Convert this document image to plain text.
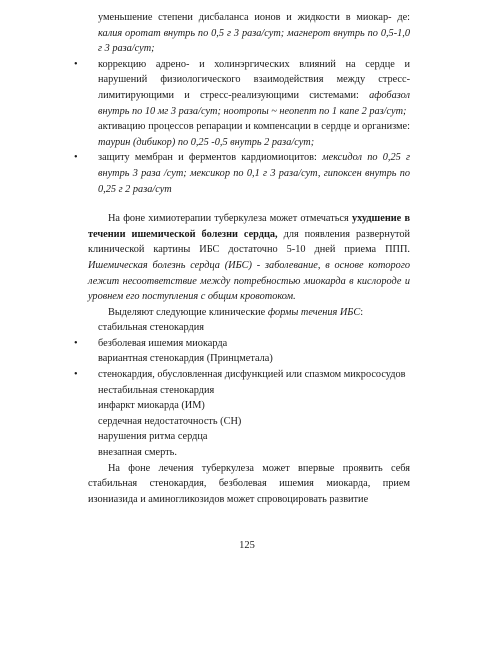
уменьшение степени дисбаланса ионов и жидкости в миокар- де: калия оротат внутрь по 0,5 г 3 раза/сут; магнерот внутрь по 0,5-1,0 г 3 раза/сут;

• коррекцию адрено- и холинэргических влияний на сердце и нарушений физиологического взаимодействия между стресс-лимитирующими и стресс-реализующими системами: афобазол внутрь по 10 мг 3 раза/сут; ноотропы ~ неопепт по 1 капе 2 раз/сут;
активацию процессов репарации и компенсации в сердце и организме: таурин (дибикор) по 0,25 -0,5 внутрь 2 раза/сут;
• защиту мембран и ферментов кардиомиоцитов: мексидол по 0,25 г внутрь 3 раза /сут; мексикор по 0,1 г 3 раза/сут, гипоксен внутрь по 0,25 г 2 раза/сут

На фоне химиотерапии туберкулеза может отмечаться ухудшение в течении ишемической болезни сердца, для появления развернутой клинической картины ИБС достаточно 5-10 дней приема ППП. Ишемическая болезнь сердца (ИБС) - заболевание, в основе которого лежит несоответствие между потребностью миокарда в кислороде и уровнем его поступления с общим кровотоком.

Выделяют следующие клинические формы течения ИБС:

стабильная стенокардия
• безболевая ишемия миокарда
вариантная стенокардия (Принцметала)
• стенокардия, обусловленная дисфункцией или спазмом микрососудов
нестабильная стенокардия
инфаркт миокарда (ИМ)
сердечная недостаточность (СН)
нарушения ритма сердца
внезапная смерть.

На фоне лечения туберкулеза может впервые проявить себя стабильная стенокардия, безболевая ишемия миокарда, прием изониазида и аминогликозидов может спровоцировать развитие

125
